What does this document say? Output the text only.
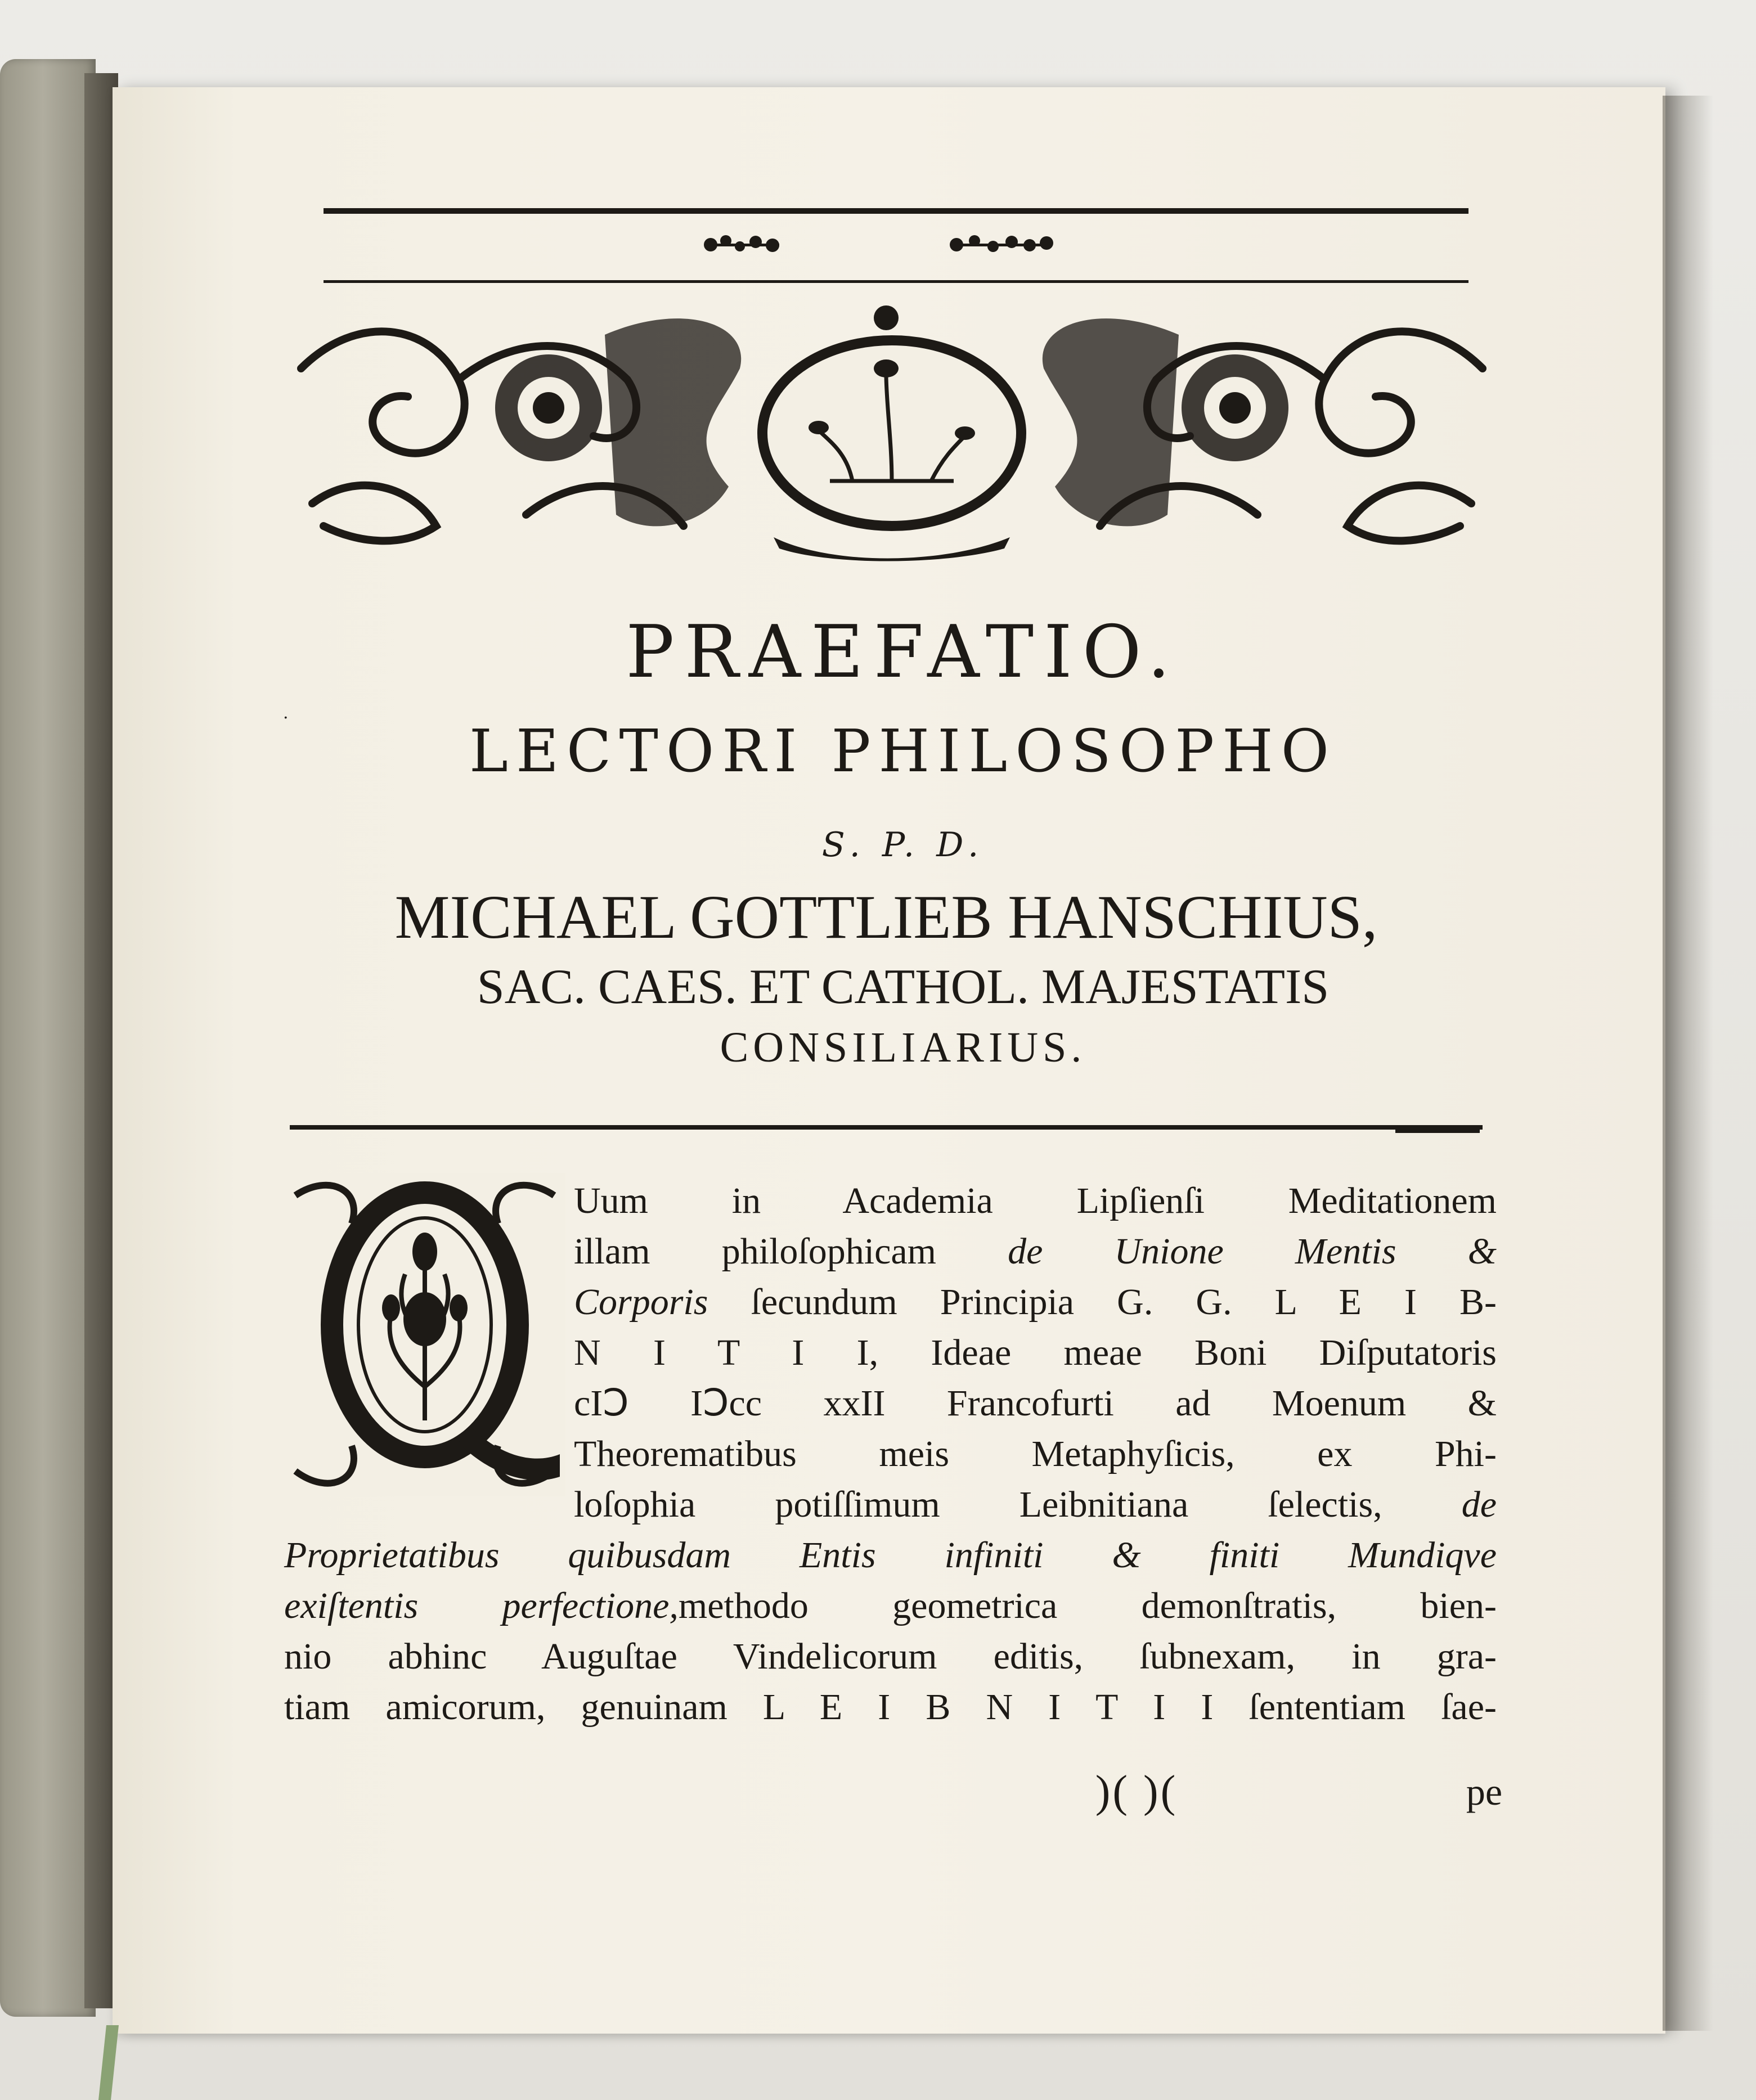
.
PRAEFATIO.
LECTORI PHILOSOPHO
S. P. D.
MICHAEL GOTTLIEB HANSCHIUS,
SAC. CAES. ET CATHOL. MAJESTATIS
CONSILIARIUS.
Uum in Academia Lipſienſi Meditationem
illam philoſophicam de Unione Mentis &
Corporis ſecundum Principia G. G. L E I B-
N I T I I, Ideae meae Boni Diſputatoris
cIↃ IↃcc xxII Francofurti ad Moenum &
Theorematibus meis Metaphyſicis, ex Phi-
loſophia potiſſimum Leibnitiana ſelectis, de
Proprietatibus quibusdam Entis infiniti & finiti Mundiqve
exiſtentis perfectione,methodo geometrica demonſtratis, bien-
nio abhinc Auguſtae Vindelicorum editis, ſubnexam, in gra-
tiam amicorum, genuinam L E I B N I T I I ſententiam ſae-
)( )(	pe
